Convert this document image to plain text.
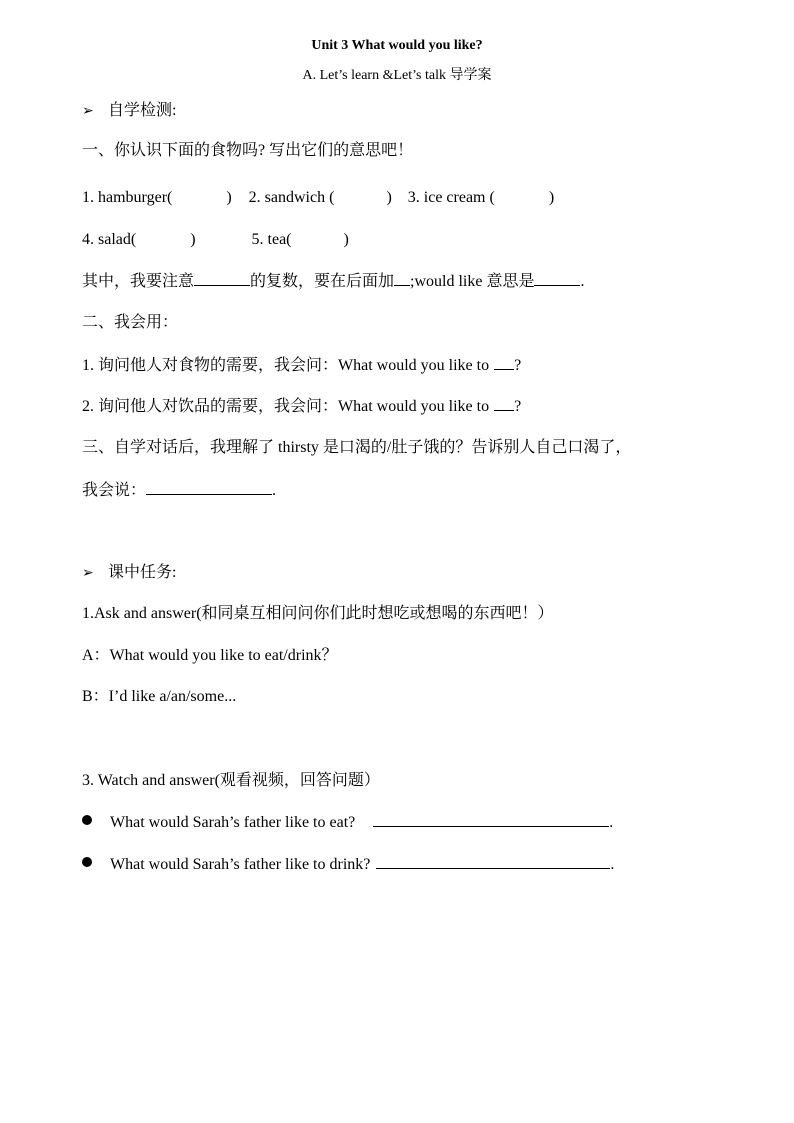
Unit 3 What would you like?
A. Let’s learn &Let’s talk 导学案
➢ 自学检测:
一、你认识下面的食物吗? 写出它们的意思吧！
1. hamburger(	) 2. sandwich (	) 3. ice cream (	)
4. salad(	)	5. tea(	)
其中，我要注意	的复数，要在后面加 ;would like 意思是	.
二、我会用：
1. 询问他人对食物的需要，我会问：What would you like to ?
2. 询问他人对饮品的需要，我会问：What would you like to ?
三、自学对话后，我理解了 thirsty 是口渴的/肚子饿的？告诉别人自己口渴了，
我会说：	.
➢ 课中任务:
1.Ask and answer(和同桌互相问问你们此时想吃或想喝的东西吧！）
A：What would you like to eat/drink？
B：I’d like a/an/some...
3. Watch and answer(观看视频，回答问题）
What would Sarah’s father like to eat?	.
What would Sarah’s father like to drink?	.
